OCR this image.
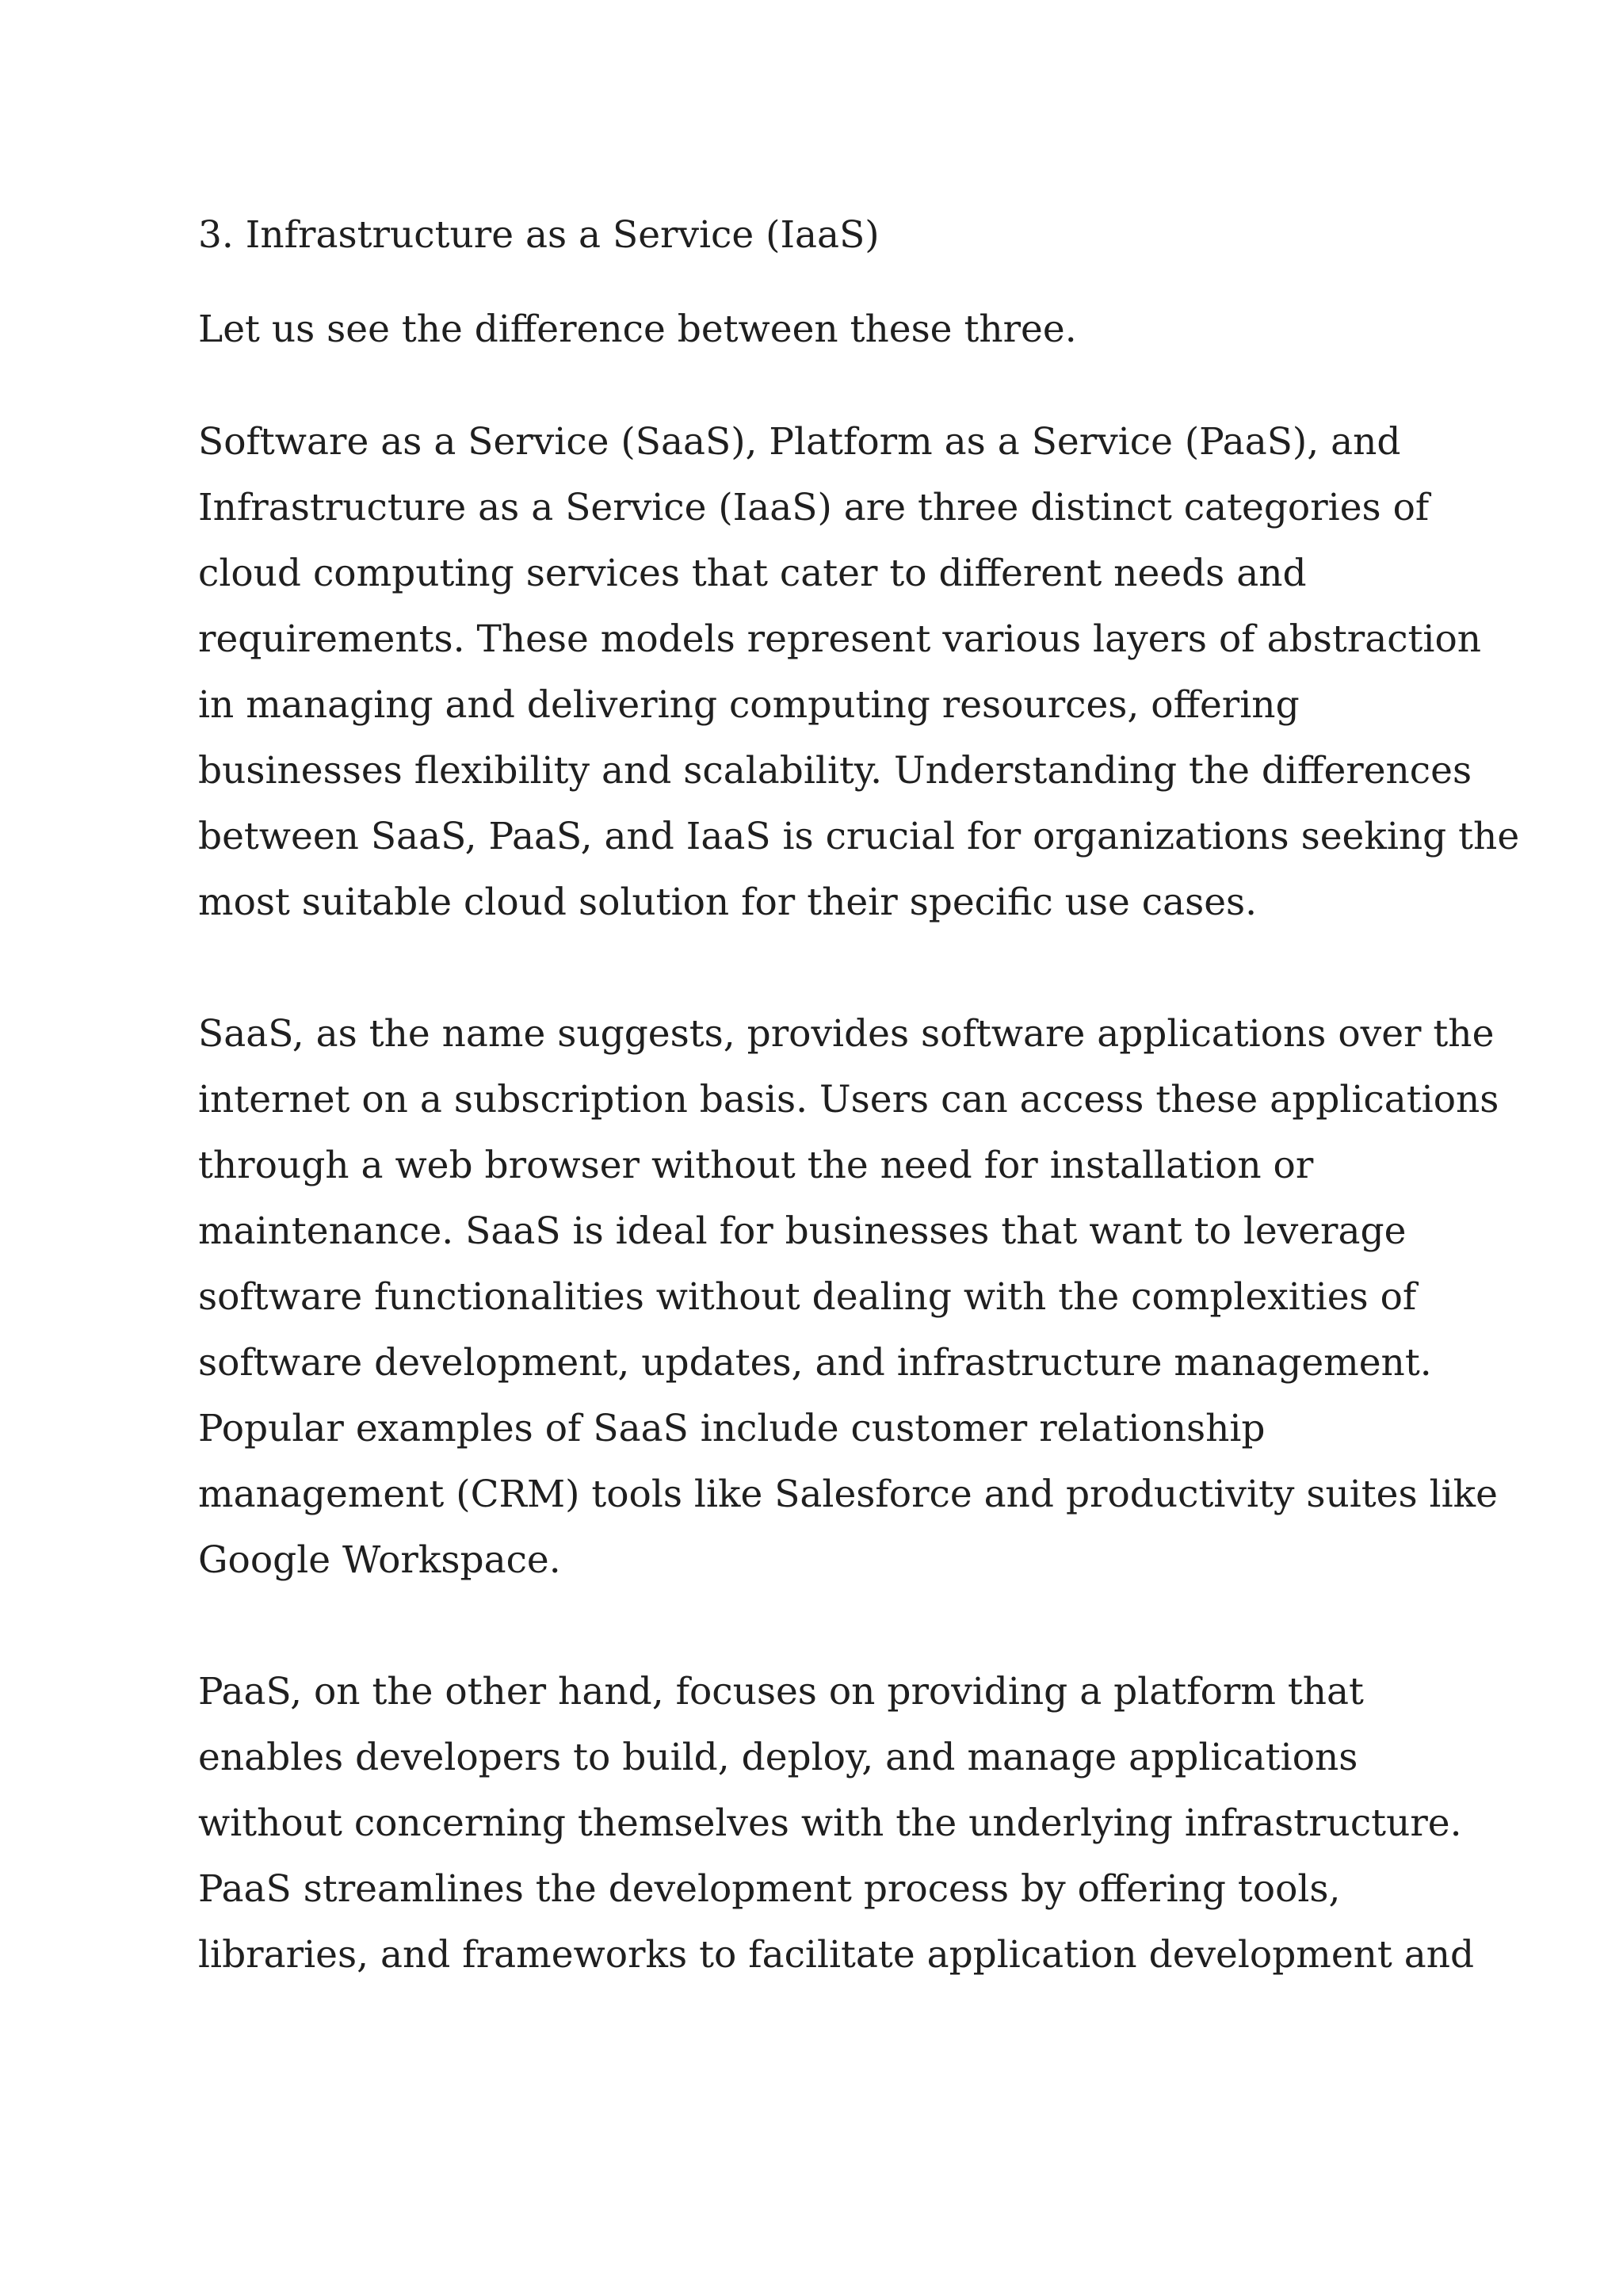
3. Infrastructure as a Service (IaaS)
Let us see the difference between these three.
Software as a Service (SaaS), Platform as a Service (PaaS), and
Infrastructure as a Service (IaaS) are three distinct categories of
cloud computing services that cater to different needs and
requirements. These models represent various layers of abstraction
in managing and delivering computing resources, offering
businesses flexibility and scalability. Understanding the differences
between SaaS, PaaS, and IaaS is crucial for organizations seeking the
most suitable cloud solution for their specific use cases.
SaaS, as the name suggests, provides software applications over the
internet on a subscription basis. Users can access these applications
through a web browser without the need for installation or
maintenance. SaaS is ideal for businesses that want to leverage
software functionalities without dealing with the complexities of
software development, updates, and infrastructure management.
Popular examples of SaaS include customer relationship
management (CRM) tools like Salesforce and productivity suites like
Google Workspace.
PaaS, on the other hand, focuses on providing a platform that
enables developers to build, deploy, and manage applications
without concerning themselves with the underlying infrastructure.
PaaS streamlines the development process by offering tools,
libraries, and frameworks to facilitate application development and
